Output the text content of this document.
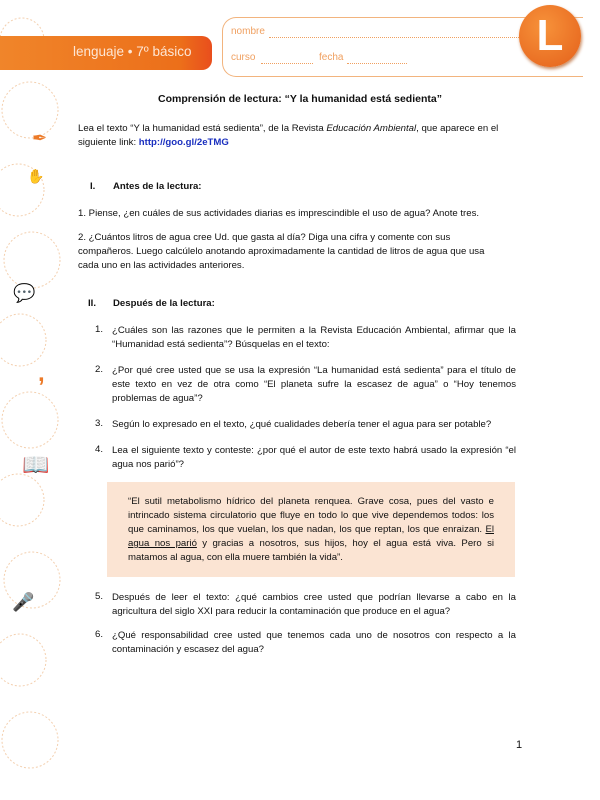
✒
✋
💬
,
📖
🎤
lenguaje • 7º básico
nombre
curso	fecha	L
Comprensión de lectura: “Y la humanidad está sedienta”
Lea el texto “Y la humanidad está sedienta”, de la Revista Educación Ambiental, que aparece en el siguiente link: http://goo.gl/2eTMG
I. Antes de la lectura:
1. Piense, ¿en cuáles de sus actividades diarias es imprescindible el uso de agua? Anote tres.
2. ¿Cuántos litros de agua cree Ud. que gasta al día? Diga una cifra y comente con sus compañeros. Luego calcúlelo anotando aproximadamente la cantidad de litros de agua que usa cada uno en las actividades anteriores.
II. Después de la lectura:
1. ¿Cuáles son las razones que le permiten a la Revista Educación Ambiental, afirmar que la “Humanidad está sedienta”? Búsquelas en el texto:
2. ¿Por qué cree usted que se usa la expresión “La humanidad está sedienta” para el título de este texto en vez de otra como “El planeta sufre la escasez de agua” o “Hoy tenemos problemas de agua”?
3. Según lo expresado en el texto, ¿qué cualidades debería tener el agua para ser potable?
4. Lea el siguiente texto y conteste: ¿por qué el autor de este texto habrá usado la expresión “el agua nos parió”?

“El sutil metabolismo hídrico del planeta renquea. Grave cosa, pues del vasto e intrincado sistema circulatorio que fluye en todo lo que vive dependemos todos: los que caminamos, los que vuelan, los que nadan, los que reptan, los que enraizan. El agua nos parió y gracias a nosotros, sus hijos, hoy el agua está viva. Pero si matamos al agua, con ella muere también la vida”.

5. Después de leer el texto: ¿qué cambios cree usted que podrían llevarse a cabo en la agricultura del siglo XXI para reducir la contaminación que produce en el agua?
6. ¿Qué responsabilidad cree usted que tenemos cada uno de nosotros con respecto a la contaminación y escasez del agua?
1
